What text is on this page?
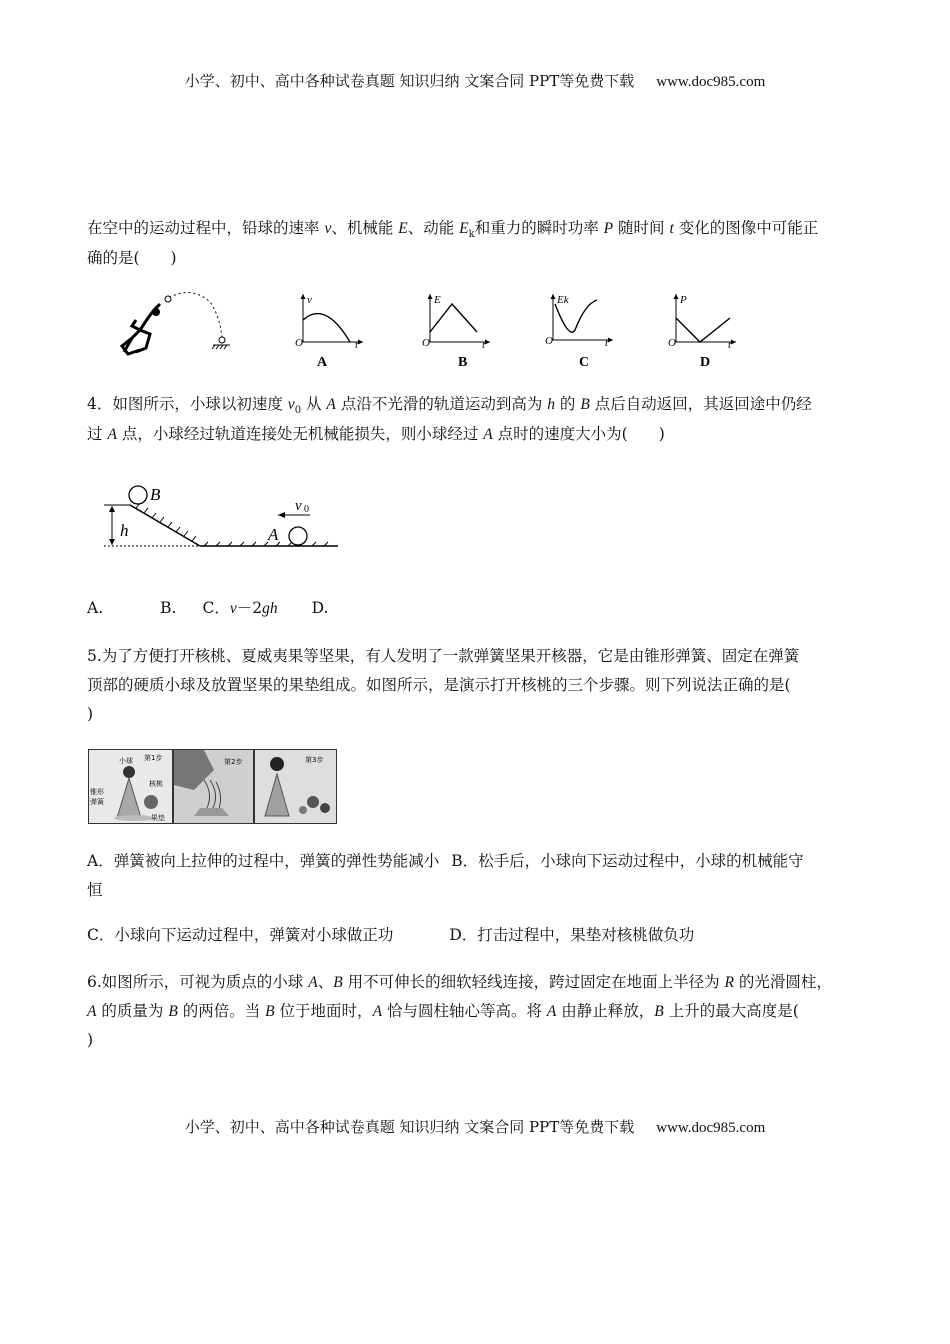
小学、初中、高中各种试卷真题 知识归纳 文案合同 PPT等免费下载 www.doc985.com
在空中的运动过程中，铅球的速率 v、机械能 E、动能 $E_k$和重力的瞬时功率 P 随时间 t 变化的图像中可能正
确的是(　　)
v
O	t
A
E
O	t
B
Ek
O	t
C
P
O	t
D
4．如图所示，小球以初速度 $v_0$ 从 A 点沿不光滑的轨道运动到高为 h 的 B 点后自动返回，其返回途中仍经
过 A 点，小球经过轨道连接处无机械能损失，则小球经过 A 点时的速度大小为(　　)
B
h	A
v 0
A.	B. C．v－2gh D.
5.为了方便打开核桃、夏威夷果等坚果，有人发明了一款弹簧坚果开核器，它是由锥形弹簧、固定在弹簧
顶部的硬质小球及放置坚果的果垫组成。如图所示，是演示打开核桃的三个步骤。则下列说法正确的是(
)
小球 第1步
核桃
锥形
弹簧
果垫
第2步	第3步
A．弹簧被向上拉伸的过程中，弹簧的弹性势能减小 B．松手后，小球向下运动过程中，小球的机械能守
恒
C．小球向下运动过程中，弹簧对小球做正功	D．打击过程中，果垫对核桃做负功
6.如图所示，可视为质点的小球 A、B 用不可伸长的细软轻线连接，跨过固定在地面上半径为 R 的光滑圆柱，
A 的质量为 B 的两倍。当 B 位于地面时，A 恰与圆柱轴心等高。将 A 由静止释放，B 上升的最大高度是(
)
小学、初中、高中各种试卷真题 知识归纳 文案合同 PPT等免费下载 www.doc985.com
